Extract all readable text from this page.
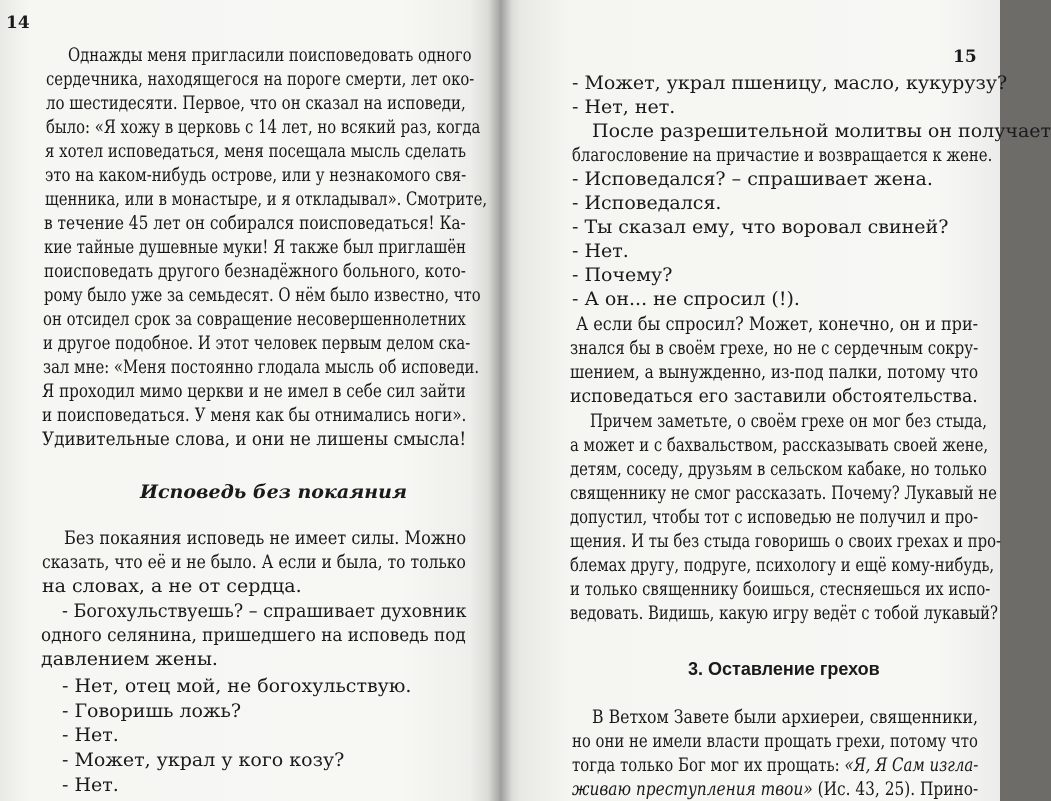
14
Однажды меня пригласили поисповедовать одного
сердечника, находящегося на пороге смерти, лет око-
ло шестидесяти. Первое, что он сказал на исповеди,
было: «Я хожу в церковь с 14 лет, но всякий раз, когда
я хотел исповедаться, меня посещала мысль сделать
это на каком-нибудь острове, или у незнакомого свя-
щенника, или в монастыре, и я откладывал». Смотрите,
в течение 45 лет он собирался поисповедаться! Ка-
кие тайные душевные муки! Я также был приглашён
поисповедать другого безнадёжного больного, кото-
рому было уже за семьдесят. О нём было известно, что
он отсидел срок за совращение несовершеннолетних
и другое подобное. И этот человек первым делом ска-
зал мне: «Меня постоянно глодала мысль об исповеди.
Я проходил мимо церкви и не имел в себе сил зайти
и поисповедаться. У меня как бы отнимались ноги».
Удивительные слова, и они не лишены смысла!
Исповедь без покаяния
Без покаяния исповедь не имеет силы. Можно
сказать, что её и не было. А если и была, то только
на словах, а не от сердца.
- Богохульствуешь? – спрашивает духовник
одного селянина, пришедшего на исповедь под
давлением жены.
- Нет, отец мой, не богохульствую.
- Говоришь ложь?
- Нет.
- Может, украл у кого козу?
- Нет.
15
- Может, украл пшеницу, масло, кукурузу?
- Нет, нет.
После разрешительной молитвы он получает
благословение на причастие и возвращается к жене.
- Исповедался? – спрашивает жена.
- Исповедался.
- Ты сказал ему, что воровал свиней?
- Нет.
- Почему?
- А он... не спросил (!).
А если бы спросил? Может, конечно, он и при-
знался бы в своём грехе, но не с сердечным сокру-
шением, а вынужденно, из-под палки, потому что
исповедаться его заставили обстоятельства.
Причем заметьте, о своём грехе он мог без стыда,
а может и с бахвальством, рассказывать своей жене,
детям, соседу, друзьям в сельском кабаке, но только
священнику не смог рассказать. Почему? Лукавый не
допустил, чтобы тот с исповедью не получил и про-
щения. И ты без стыда говоришь о своих грехах и про-
блемах другу, подруге, психологу и ещё кому-нибудь,
и только священнику боишься, стесняешься их испо-
ведовать. Видишь, какую игру ведёт с тобой лукавый?
3. Оставление грехов
В Ветхом Завете были архиереи, священники,
но они не имели власти прощать грехи, потому что
тогда только Бог мог их прощать: «Я, Я Сам изгла-
живаю преступления твои» (Ис. 43, 25). Прино-
